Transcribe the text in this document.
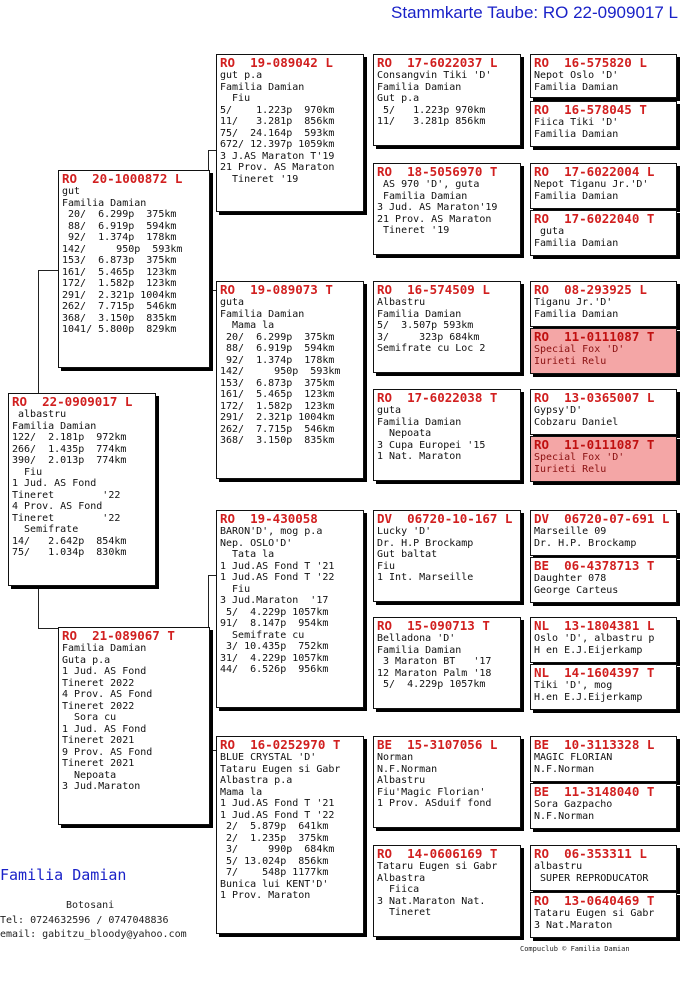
Stammkarte Taube: RO 22-0909017 L
RO  22-0909017 L
albastru
Familia Damian
122/  2.181p  972km
266/  1.435p  774km
390/  2.013p  774km
Fiu
1 Jud. AS Fond
Tineret        '22
4 Prov. AS Fond
Tineret        '22
Semifrate
14/   2.642p  854km
75/   1.034p  830km
RO  20-1000872 L
gut
Familia Damian
20/  6.299p  375km
88/  6.919p  594km
92/  1.374p  178km
142/     950p  593km
153/  6.873p  375km
161/  5.465p  123km
172/  1.582p  123km
291/  2.321p 1004km
262/  7.715p  546km
368/  3.150p  835km
1041/ 5.800p  829km
RO  21-089067 T
Familia Damian
Guta p.a
1 Jud. AS Fond
Tineret 2022
4 Prov. AS Fond
Tineret 2022
Sora cu
1 Jud. AS Fond
Tineret 2021
9 Prov. AS Fond
Tineret 2021
Nepoata
3 Jud.Maraton
RO  19-089042 L
gut p.a
Familia Damian
Fiu
5/    1.223p  970km
11/   3.281p  856km
75/  24.164p  593km
672/ 12.397p 1059km
3 J.AS Maraton T'19
21 Prov. AS Maraton
Tineret '19
RO  19-089073 T
guta
Familia Damian
Mama la
20/  6.299p  375km
88/  6.919p  594km
92/  1.374p  178km
142/     950p  593km
153/  6.873p  375km
161/  5.465p  123km
172/  1.582p  123km
291/  2.321p 1004km
262/  7.715p  546km
368/  3.150p  835km
RO  19-430058
BARON'D', mog p.a
Nep. OSLO'D'
Tata la
1 Jud.AS Fond T '21
1 Jud.AS Fond T '22
Fiu
3 Jud.Maraton  '17
5/  4.229p 1057km
91/  8.147p  954km
Semifrate cu
3/ 10.435p  752km
31/  4.229p 1057km
44/  6.526p  956km
RO  16-0252970 T
BLUE CRYSTAL 'D'
Tataru Eugen si Gabr
Albastra p.a
Mama la
1 Jud.AS Fond T '21
1 Jud.AS Fond T '22
2/  5.879p  641km
2/  1.235p  375km
3/     990p  684km
5/ 13.024p  856km
7/    548p 1177km
Bunica lui KENT'D'
1 Prov. Maraton
RO  17-6022037 L
Consangvin Tiki 'D'
Familia Damian
Gut p.a
5/   1.223p 970km
11/   3.281p 856km
RO  18-5056970 T
AS 970 'D', guta
Familia Damian
3 Jud. AS Maraton'19
21 Prov. AS Maraton
Tineret '19
RO  16-574509 L
Albastru
Familia Damian
5/  3.507p 593km
3/     323p 684km
Semifrate cu Loc 2
RO  17-6022038 T
guta
Familia Damian
Nepoata
3 Cupa Europei '15
1 Nat. Maraton
DV  06720-10-167 L
Lucky 'D'
Dr. H.P Brockamp
Gut baltat
Fiu
1 Int. Marseille
RO  15-090713 T
Belladona 'D'
Familia Damian
3 Maraton BT   '17
12 Maraton Palm '18
5/  4.229p 1057km
BE  15-3107056 L
Norman
N.F.Norman
Albastru
Fiu'Magic Florian'
1 Prov. ASduif fond
RO  14-0606169 T
Tataru Eugen si Gabr
Albastra
Fiica
3 Nat.Maraton Nat.
Tineret
RO  16-575820 L
Nepot Oslo 'D'
Familia Damian
RO  16-578045 T
Fiica Tiki 'D'
Familia Damian
RO  17-6022004 L
Nepot Tiganu Jr.'D'
Familia Damian
RO  17-6022040 T
guta
Familia Damian
RO  08-293925 L
Tiganu Jr.'D'
Familia Damian
RO  11-0111087 T
Special Fox 'D'
Iurieti Relu
RO  13-0365007 L
Gypsy'D'
Cobzaru Daniel
RO  11-0111087 T
Special Fox 'D'
Iurieti Relu
DV  06720-07-691 L
Marseille 09
Dr. H.P. Brockamp
BE  06-4378713 T
Daughter 078
George Carteus
NL  13-1804381 L
Oslo 'D', albastru p
H en E.J.Eijerkamp
NL  14-1604397 T
Tiki 'D', mog
H.en E.J.Eijerkamp
BE  10-3113328 L
MAGIC FLORIAN
N.F.Norman
BE  11-3148040 T
Sora Gazpacho
N.F.Norman
RO  06-353311 L
albastru
SUPER REPRODUCATOR
RO  13-0640469 T
Tataru Eugen si Gabr
3 Nat.Maraton
Familia Damian
Botosani
Tel: 0724632596 / 0747048836
email: gabitzu_bloody@yahoo.com
Compuclub © Familia Damian
